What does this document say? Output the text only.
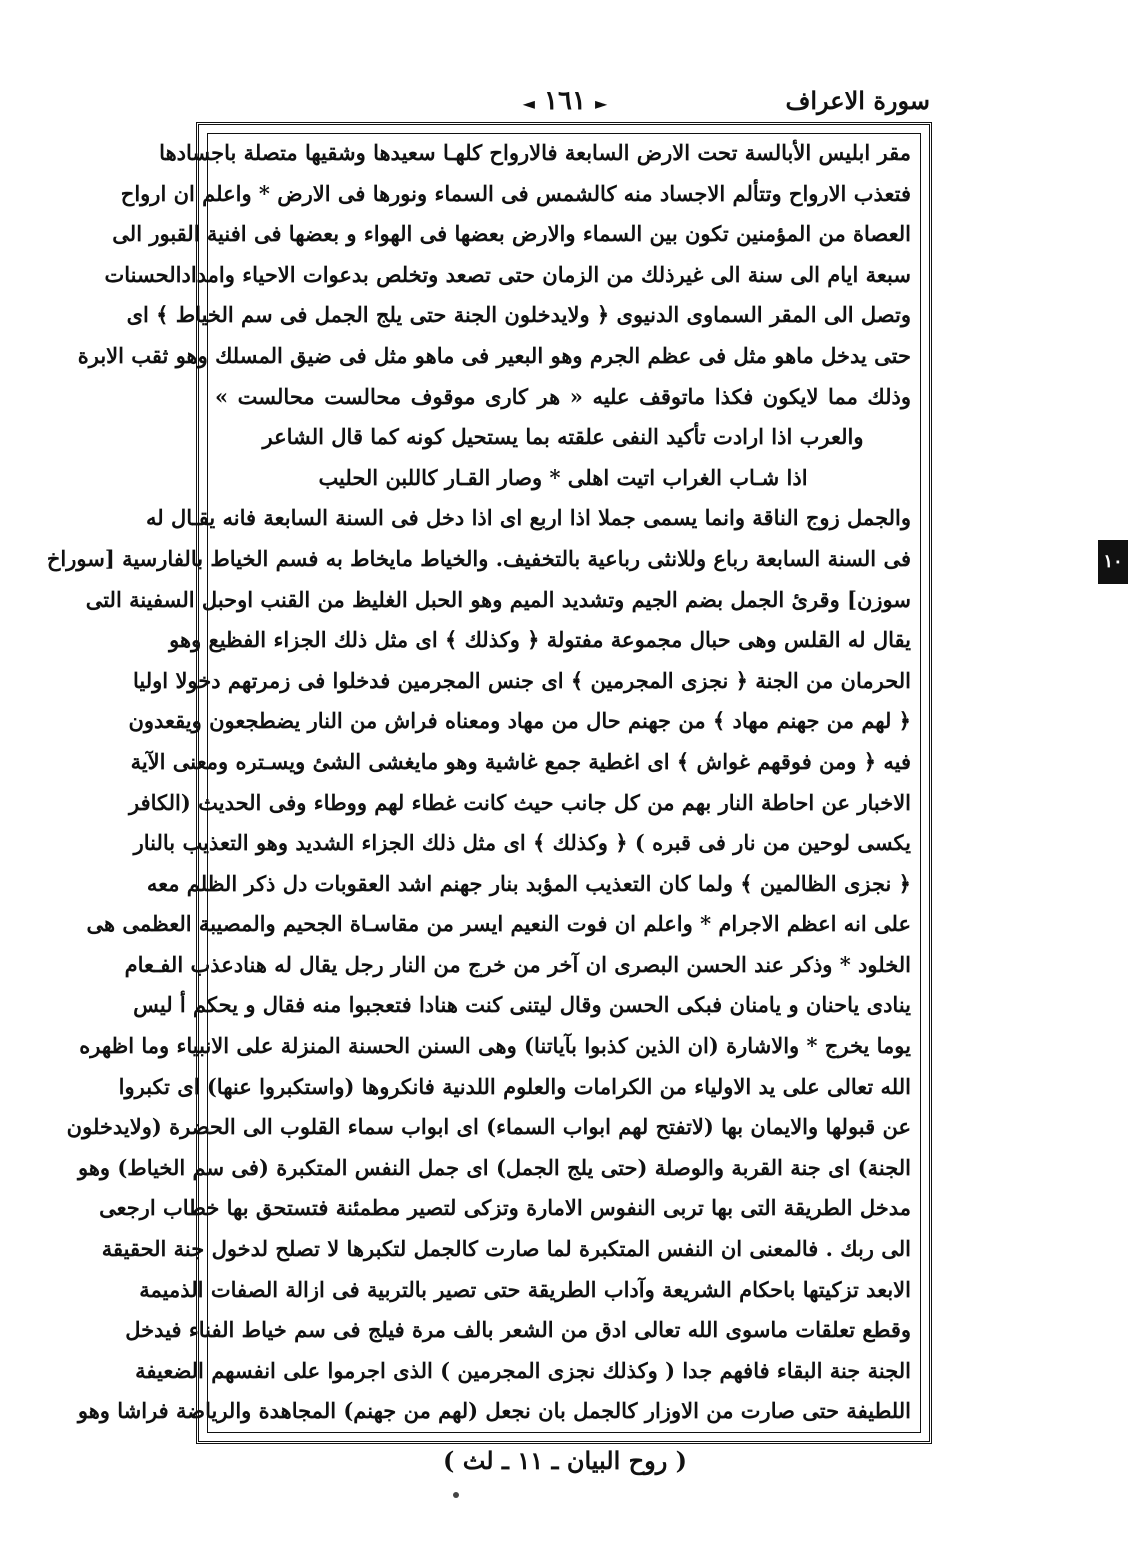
سورة الاعراف
► ١٦١ ◄
مقر ابليس الأبالسة تحت الارض السابعة فالارواح كلهـا سعيدها وشقيها متصلة باجسادها
فتعذب الارواح وتتألم الاجساد منه كالشمس فى السماء ونورها فى الارض * واعلم ان ارواح
العصاة من المؤمنين تكون بين السماء والارض بعضها فى الهواء و بعضها فى افنية القبور الى
سبعة ايام الى سنة الى غيرذلك من الزمان حتى تصعد وتخلص بدعوات الاحياء وامدادالحسنات
وتصل الى المقر السماوى الدنيوى ﴿ ولايدخلون الجنة حتى يلج الجمل فى سم الخياط ﴾ اى
حتى يدخل ماهو مثل فى عظم الجرم وهو البعير فى ماهو مثل فى ضيق المسلك وهو ثقب الابرة
وذلك مما لايكون فكذا ماتوقف عليه « هر كارى موقوف محالست محالست »
والعرب اذا ارادت تأكيد النفى علقته بما يستحيل كونه كما قال الشاعر
اذا شـاب الغراب اتيت اهلى * وصار القـار كاللبن الحليب
والجمل زوج الناقة وانما يسمى جملا اذا اربع اى اذا دخل فى السنة السابعة فانه يقـال له
فى السنة السابعة رباع وللانثى رباعية بالتخفيف. والخياط مايخاط به فسم الخياط بالفارسية [سوراخ
سوزن] وقرئ الجمل بضم الجيم وتشديد الميم وهو الحبل الغليظ من القنب اوحبل السفينة التى
يقال له القلس وهى حبال مجموعة مفتولة ﴿ وكذلك ﴾ اى مثل ذلك الجزاء الفظيع وهو
الحرمان من الجنة ﴿ نجزى المجرمين ﴾ اى جنس المجرمين فدخلوا فى زمرتهم دخولا اوليا
﴿ لهم من جهنم مهاد ﴾ من جهنم حال من مهاد ومعناه فراش من النار يضطجعون ويقعدون
فيه ﴿ ومن فوقهم غواش ﴾ اى اغطية جمع غاشية وهو مايغشى الشئ ويسـتره ومعنى الآية
الاخبار عن احاطة النار بهم من كل جانب حيث كانت غطاء لهم ووطاء وفى الحديث (الكافر
يكسى لوحين من نار فى قبره ) ﴿ وكذلك ﴾ اى مثل ذلك الجزاء الشديد وهو التعذيب بالنار
﴿ نجزى الظالمين ﴾ ولما كان التعذيب المؤبد بنار جهنم اشد العقوبات دل ذكر الظلم معه
على انه اعظم الاجرام * واعلم ان فوت النعيم ايسر من مقاسـاة الجحيم والمصيبة العظمى هى
الخلود * وذكر عند الحسن البصرى ان آخر من خرج من النار رجل يقال له هنادعذب الفـعام
ينادى ياحنان و يامنان فبكى الحسن وقال ليتنى كنت هنادا فتعجبوا منه فقال و يحكم أ ليس
يوما يخرج * والاشارة (ان الذين كذبوا بآياتنا) وهى السنن الحسنة المنزلة على الانبياء وما اظهره
الله تعالى على يد الاولياء من الكرامات والعلوم اللدنية فانكروها (واستكبروا عنها) اى تكبروا
عن قبولها والايمان بها (لاتفتح لهم ابواب السماء) اى ابواب سماء القلوب الى الحضرة (ولايدخلون
الجنة) اى جنة القربة والوصلة (حتى يلج الجمل) اى جمل النفس المتكبرة (فى سم الخياط) وهو
مدخل الطريقة التى بها تربى النفوس الامارة وتزكى لتصير مطمئنة فتستحق بها خطاب ارجعى
الى ربك . فالمعنى ان النفس المتكبرة لما صارت كالجمل لتكبرها لا تصلح لدخول جنة الحقيقة
الابعد تزكيتها باحكام الشريعة وآداب الطريقة حتى تصير بالتربية فى ازالة الصفات الذميمة
وقطع تعلقات ماسوى الله تعالى ادق من الشعر بالف مرة فيلج فى سم خياط الفناء فيدخل
الجنة جنة البقاء فافهم جدا ( وكذلك نجزى المجرمين ) الذى اجرموا على انفسهم الضعيفة
اللطيفة حتى صارت من الاوزار كالجمل بان نجعل (لهم من جهنم) المجاهدة والرياضة فراشا وهو
١٠
( روح البيان ـ ١١ ـ لث )
